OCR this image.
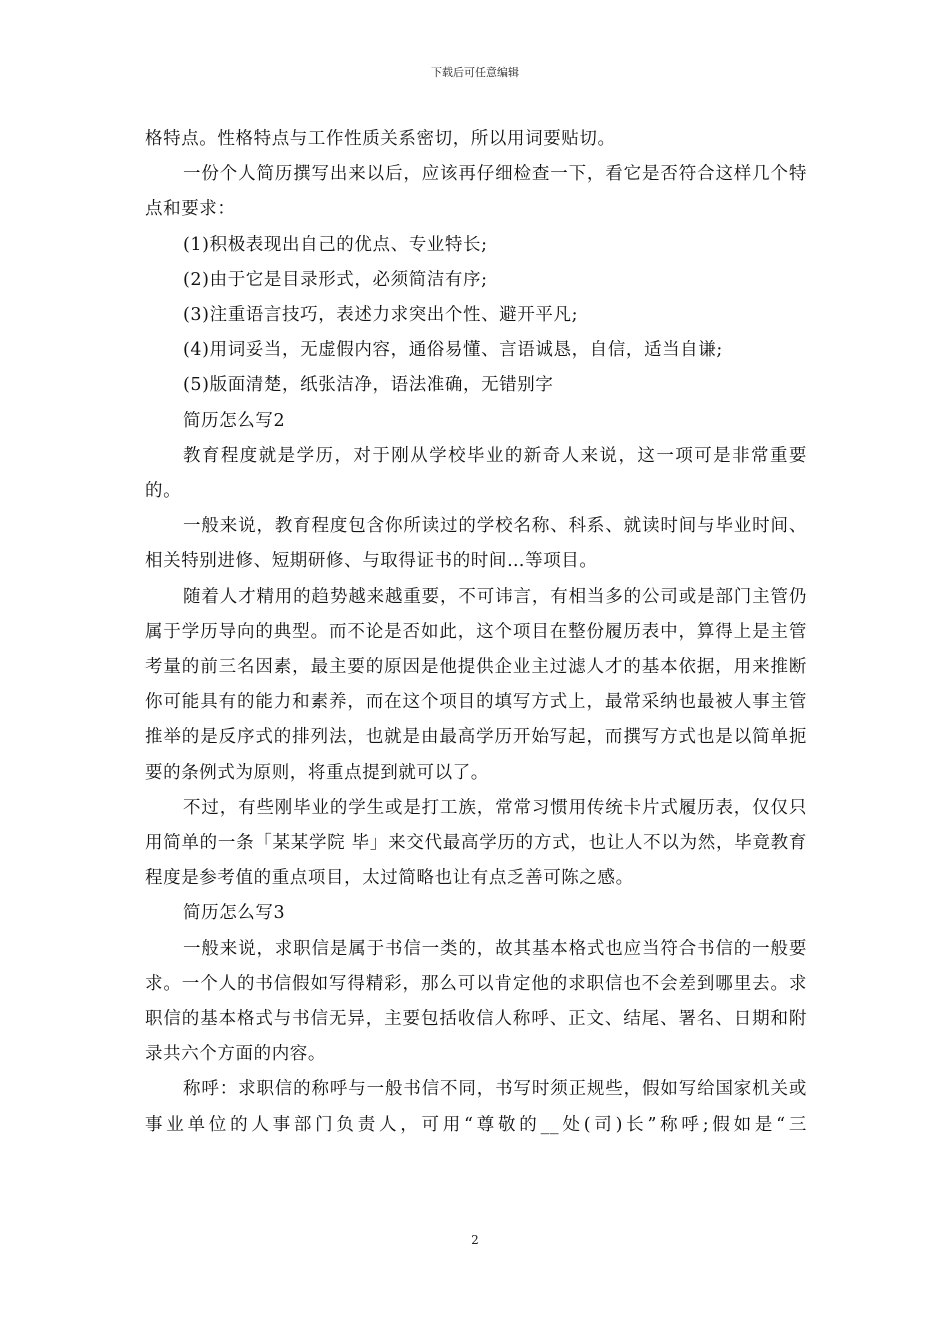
下载后可任意编辑

格特点。性格特点与工作性质关系密切，所以用词要贴切。

一份个人简历撰写出来以后，应该再仔细检查一下，看它是否符合这样几个特点和要求：

(1)积极表现出自己的优点、专业特长;

(2)由于它是目录形式，必须简洁有序;

(3)注重语言技巧，表述力求突出个性、避开平凡;

(4)用词妥当，无虚假内容，通俗易懂、言语诚恳，自信，适当自谦;

(5)版面清楚，纸张洁净，语法准确，无错别字

简历怎么写2

教育程度就是学历，对于刚从学校毕业的新奇人来说，这一项可是非常重要的。

一般来说，教育程度包含你所读过的学校名称、科系、就读时间与毕业时间、相关特别进修、短期研修、与取得证书的时间…等项目。

随着人才精用的趋势越来越重要，不可讳言，有相当多的公司或是部门主管仍属于学历导向的典型。而不论是否如此，这个项目在整份履历表中，算得上是主管考量的前三名因素，最主要的原因是他提供企业主过滤人才的基本依据，用来推断你可能具有的能力和素养，而在这个项目的填写方式上，最常采纳也最被人事主管推举的是反序式的排列法，也就是由最高学历开始写起，而撰写方式也是以简单扼要的条例式为原则，将重点提到就可以了。

不过，有些刚毕业的学生或是打工族，常常习惯用传统卡片式履历表，仅仅只用简单的一条「某某学院 毕」来交代最高学历的方式，也让人不以为然，毕竟教育程度是参考值的重点项目，太过简略也让有点乏善可陈之感。

简历怎么写3

一般来说，求职信是属于书信一类的，故其基本格式也应当符合书信的一般要求。一个人的书信假如写得精彩，那么可以肯定他的求职信也不会差到哪里去。求职信的基本格式与书信无异，主要包括收信人称呼、正文、结尾、署名、日期和附录共六个方面的内容。

称呼：求职信的称呼与一般书信不同，书写时须正规些，假如写给国家机关或事业单位的人事部门负责人，可用“尊敬的__处(司)长”称呼;假如是“三

2
